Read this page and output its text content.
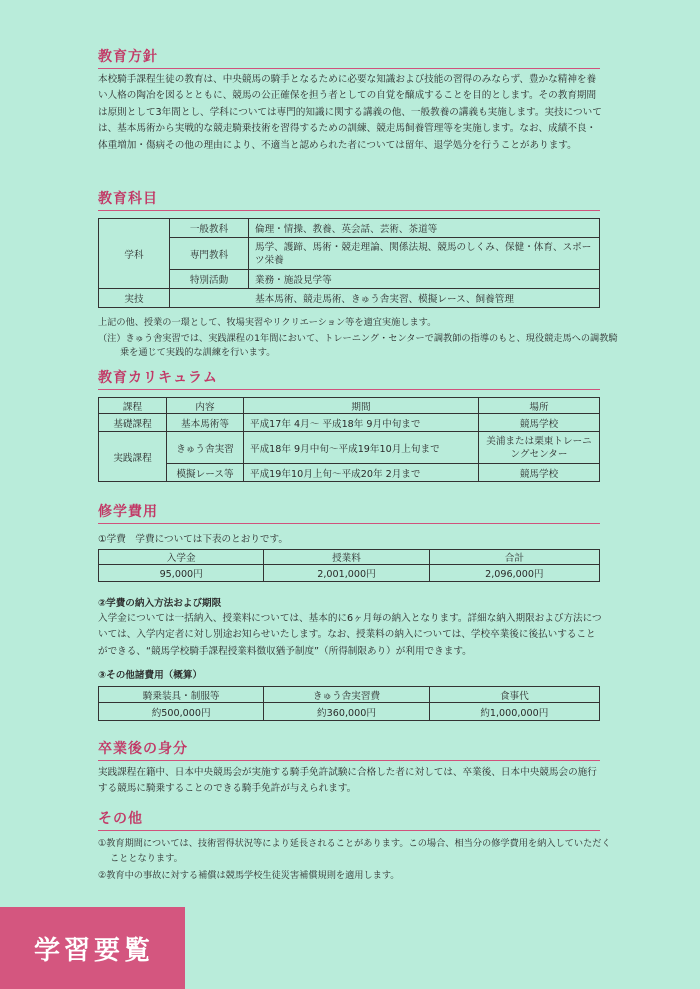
教育方針

本校騎手課程生徒の教育は、中央競馬の騎手となるために必要な知識および技能の習得のみならず、豊かな精神を養い人格の陶冶を図るとともに、競馬の公正確保を担う者としての自覚を醸成することを目的とします。その教育期間は原則として3年間とし、学科については専門的知識に関する講義の他、一般教養の講義も実施します。実技については、基本馬術から実戦的な競走騎乗技術を習得するための訓練、競走馬飼養管理等を実施します。なお、成績不良・体重増加・傷病その他の理由により、不適当と認められた者については留年、退学処分を行うことがあります。

教育科目
学科	一般教科	倫理・情操、教養、英会話、芸術、茶道等
	専門教科	馬学、護蹄、馬術・競走理論、関係法規、競馬のしくみ、保健・体育、スポーツ栄養
	特別活動	業務・施設見学等
実技	基本馬術、競走馬術、きゅう舎実習、模擬レース、飼養管理	

上記の他、授業の一環として、牧場実習やリクリエーション等を適宜実施します。

（注）きゅう舎実習では、実践課程の1年間において、トレーニング・センターで調教師の指導のもと、現役競走馬への調教騎乗を通じて実践的な訓練を行います。

教育カリキュラム
課程	内容	期間	場所
基礎課程	基本馬術等	平成17年 4月～ 平成18年 9月中旬まで	競馬学校
実践課程	きゅう舎実習	平成18年 9月中旬～平成19年10月上旬まで	美浦または栗東トレーニングセンター
	模擬レース等	平成19年10月上旬～平成20年 2月まで	競馬学校
修学費用
①学費　学費については下表のとおりです。
入学金	授業料	合計
95,000円	2,001,000円	2,096,000円
②学費の納入方法および期限

入学金については一括納入、授業料については、基本的に6ヶ月毎の納入となります。詳細な納入期限および方法については、入学内定者に対し別途お知らせいたします。なお、授業料の納入については、学校卒業後に後払いすることができる、“競馬学校騎手課程授業料徴収猶予制度”（所得制限あり）が利用できます。

③その他諸費用（概算）
騎乗装具・制服等	きゅう舎実習費	食事代
約500,000円	約360,000円	約1,000,000円
卒業後の身分

実践課程在籍中、日本中央競馬会が実施する騎手免許試験に合格した者に対しては、卒業後、日本中央競馬会の施行する競馬に騎乗することのできる騎手免許が与えられます。

その他

①教育期間については、技術習得状況等により延長されることがあります。この場合、相当分の修学費用を納入していただくこととなります。

②教育中の事故に対する補償は競馬学校生徒災害補償規則を適用します。

学習要覧
